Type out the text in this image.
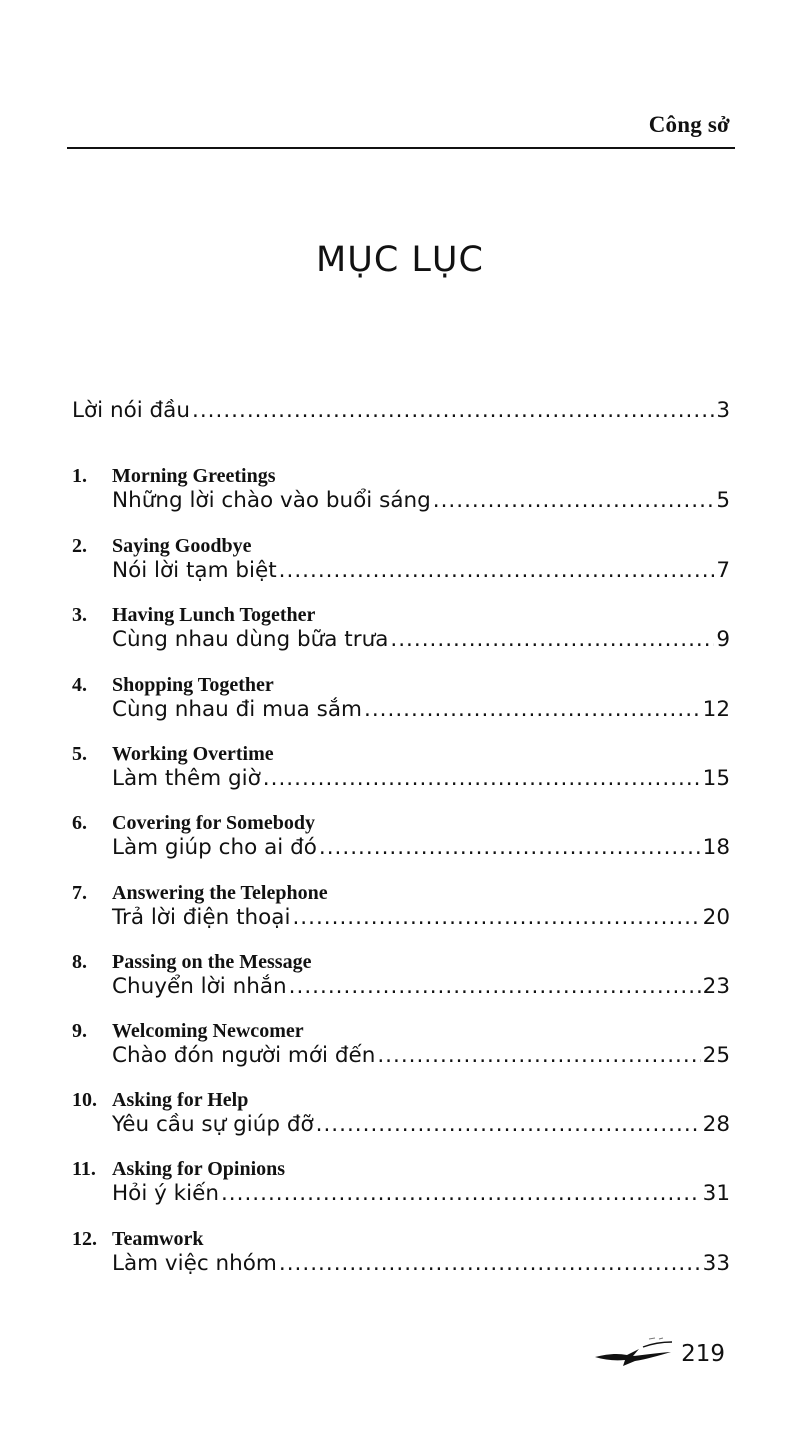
Công sở
MỤC LỤC
Lời nói đầu .....	3
1. Morning Greetings
Những lời chào vào buổi sáng .....	5
2. Saying Goodbye
Nói lời tạm biệt .....	7
3. Having Lunch Together
Cùng nhau dùng bữa trưa .....	9
4. Shopping Together
Cùng nhau đi mua sắm .....	12
5. Working Overtime
Làm thêm giờ .....	15
6. Covering for Somebody
Làm giúp cho ai đó .....	18
7. Answering the Telephone
Trả lời điện thoại .....	20
8. Passing on the Message
Chuyển lời nhắn .....	23
9. Welcoming Newcomer
Chào đón người mới đến .....	25
10. Asking for Help
Yêu cầu sự giúp đỡ .....	28
11. Asking for Opinions
Hỏi ý kiến .....	31
12. Teamwork
Làm việc nhóm .....	33
219
